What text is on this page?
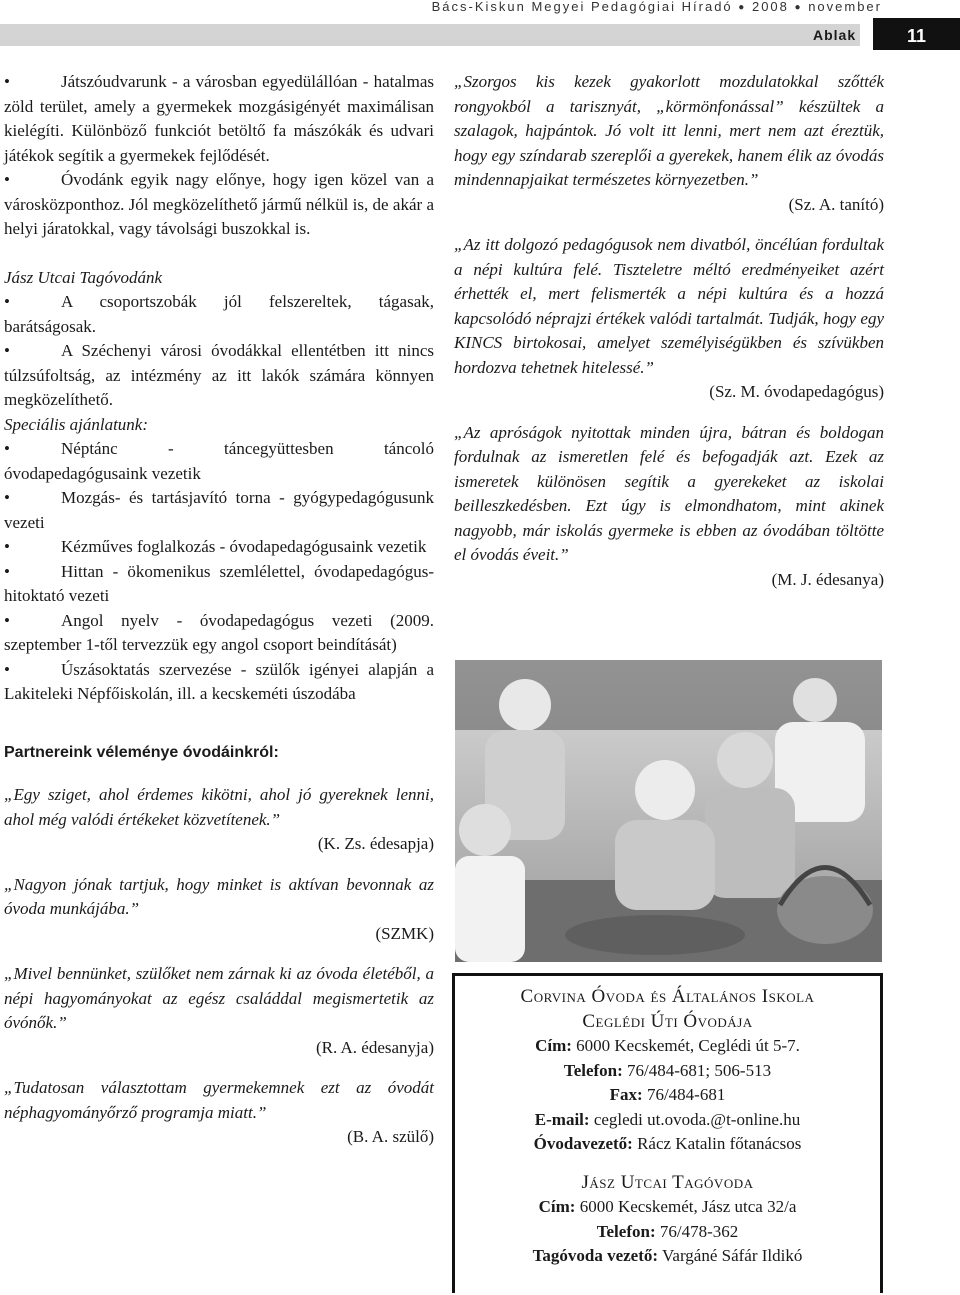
Bács-Kiskun Megyei Pedagógiai Híradó ● 2008 ● november
Ablak	11

•	Játszóudvarunk - a városban egyedülállóan - hatalmas zöld terület, amely a gyermekek mozgásigényét maximálisan kielégíti. Különböző funkciót betöltő fa mászókák és udvari játékok segítik a gyermekek fejlődését.

•	Óvodánk egyik nagy előnye, hogy igen közel van a városközponthoz. Jól megközelíthető jármű nélkül is, de akár a helyi járatokkal, vagy távolsági buszokkal is.

Jász Utcai Tagóvodánk

•	A csoportszobák jól felszereltek, tágasak, barátságosak.

•	A Széchenyi városi óvodákkal ellentétben itt nincs túlzsúfoltság, az intézmény az itt lakók számára könnyen megközelíthető.

Speciális ajánlatunk:

•	Néptánc - táncegyüttesben táncoló óvodapedagógusaink vezetik

•	Mozgás- és tartásjavító torna - gyógypedagógusunk vezeti

•	Kézműves foglalkozás - óvodapedagógusaink vezetik

•	Hittan - ökomenikus szemlélettel, óvodapedagógus-hitoktató vezeti

•	Angol nyelv - óvodapedagógus vezeti (2009. szeptember 1-től tervezzük egy angol csoport beindítását)

•	Úszásoktatás szervezése - szülők igényei alapján a Lakiteleki Népfőiskolán, ill. a kecskeméti úszodába

Partnereink véleménye óvodáinkról:

„Egy sziget, ahol érdemes kikötni, ahol jó gyereknek lenni, ahol még valódi értékeket közvetítenek.”

(K. Zs. édesapja)

„Nagyon jónak tartjuk, hogy minket is aktívan bevonnak az óvoda munkájába.”

(SZMK)

„Mivel bennünket, szülőket nem zárnak ki az óvoda életéből, a népi hagyományokat az egész családdal megismertetik az óvónők.”

(R. A. édesanyja)

„Tudatosan választottam gyermekemnek ezt az óvodát néphagyományőrző programja miatt.”

(B. A. szülő)

„Szorgos kis kezek gyakorlott mozdulatokkal szőtték rongyokból a tarisznyát, „körmönfonással” készültek a szalagok, hajpántok. Jó volt itt lenni, mert nem azt éreztük, hogy egy színdarab szereplői a gyerekek, hanem élik az óvodás mindennapjaikat természetes környezetben.”

(Sz. A. tanító)

„Az itt dolgozó pedagógusok nem divatból, öncélúan fordultak a népi kultúra felé. Tiszteletre méltó eredményeiket azért érhették el, mert felismerték a népi kultúra és a hozzá kapcsolódó néprajzi értékek valódi tartalmát. Tudják, hogy egy KINCS birtokosai, amelyet személyiségükben és szívükben hordozva tehetnek hitelessé.”

(Sz. M. óvodapedagógus)

„Az apróságok nyitottak minden újra, bátran és boldogan fordulnak az ismeretlen felé és befogadják azt. Ezek az ismeretek különösen segítik a gyerekeket az iskolai beilleszkedésben. Ezt úgy is elmondhatom, mint akinek nagyobb, már iskolás gyermeke is ebben az óvodában töltötte el óvodás éveit.”

(M. J. édesanya)

Corvina Óvoda és Általános Iskola
Ceglédi Úti Óvodája
Cím: 6000 Kecskemét, Ceglédi út 5-7.
Telefon: 76/484-681; 506-513
Fax: 76/484-681
E-mail: cegledi ut.ovoda.@t-online.hu
Óvodavezető: Rácz Katalin főtanácsos
Jász Utcai Tagóvoda
Cím: 6000 Kecskemét, Jász utca 32/a
Telefon: 76/478-362
Tagóvoda vezető: Vargáné Sáfár Ildikó
